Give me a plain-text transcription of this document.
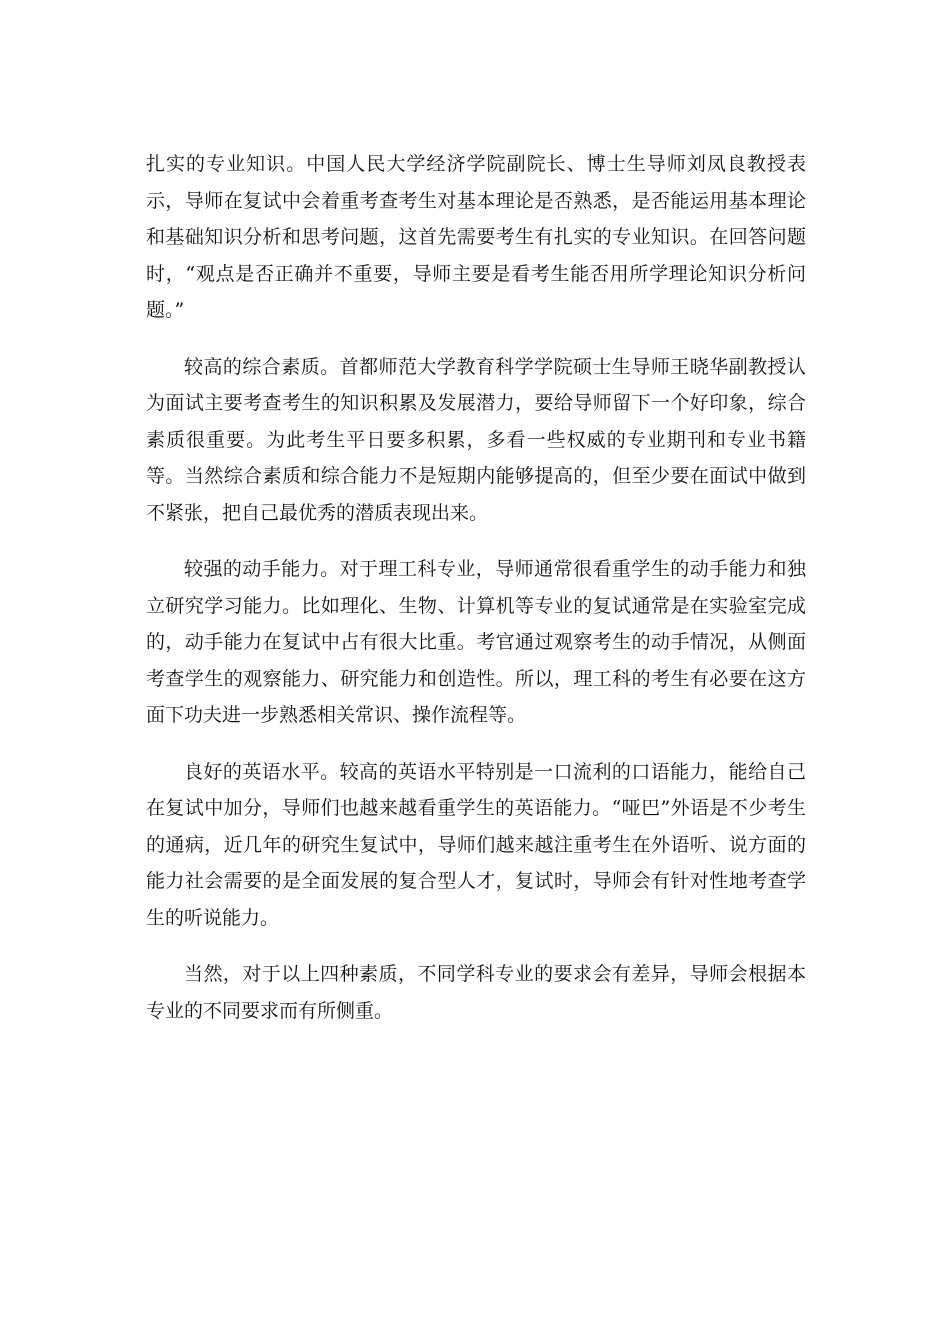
扎实的专业知识。中国人民大学经济学院副院长、博士生导师刘凤良教授表示，导师在复试中会着重考查考生对基本理论是否熟悉，是否能运用基本理论和基础知识分析和思考问题，这首先需要考生有扎实的专业知识。在回答问题时，“观点是否正确并不重要，导师主要是看考生能否用所学理论知识分析问题。”

较高的综合素质。首都师范大学教育科学学院硕士生导师王晓华副教授认为面试主要考查考生的知识积累及发展潜力，要给导师留下一个好印象，综合素质很重要。为此考生平日要多积累，多看一些权威的专业期刊和专业书籍等。当然综合素质和综合能力不是短期内能够提高的，但至少要在面试中做到不紧张，把自己最优秀的潜质表现出来。

较强的动手能力。对于理工科专业，导师通常很看重学生的动手能力和独立研究学习能力。比如理化、生物、计算机等专业的复试通常是在实验室完成的，动手能力在复试中占有很大比重。考官通过观察考生的动手情况，从侧面考查学生的观察能力、研究能力和创造性。所以，理工科的考生有必要在这方面下功夫进一步熟悉相关常识、操作流程等。

良好的英语水平。较高的英语水平特别是一口流利的口语能力，能给自己在复试中加分，导师们也越来越看重学生的英语能力。“哑巴”外语是不少考生的通病，近几年的研究生复试中，导师们越来越注重考生在外语听、说方面的能力社会需要的是全面发展的复合型人才，复试时，导师会有针对性地考查学生的听说能力。

当然，对于以上四种素质，不同学科专业的要求会有差异，导师会根据本专业的不同要求而有所侧重。
